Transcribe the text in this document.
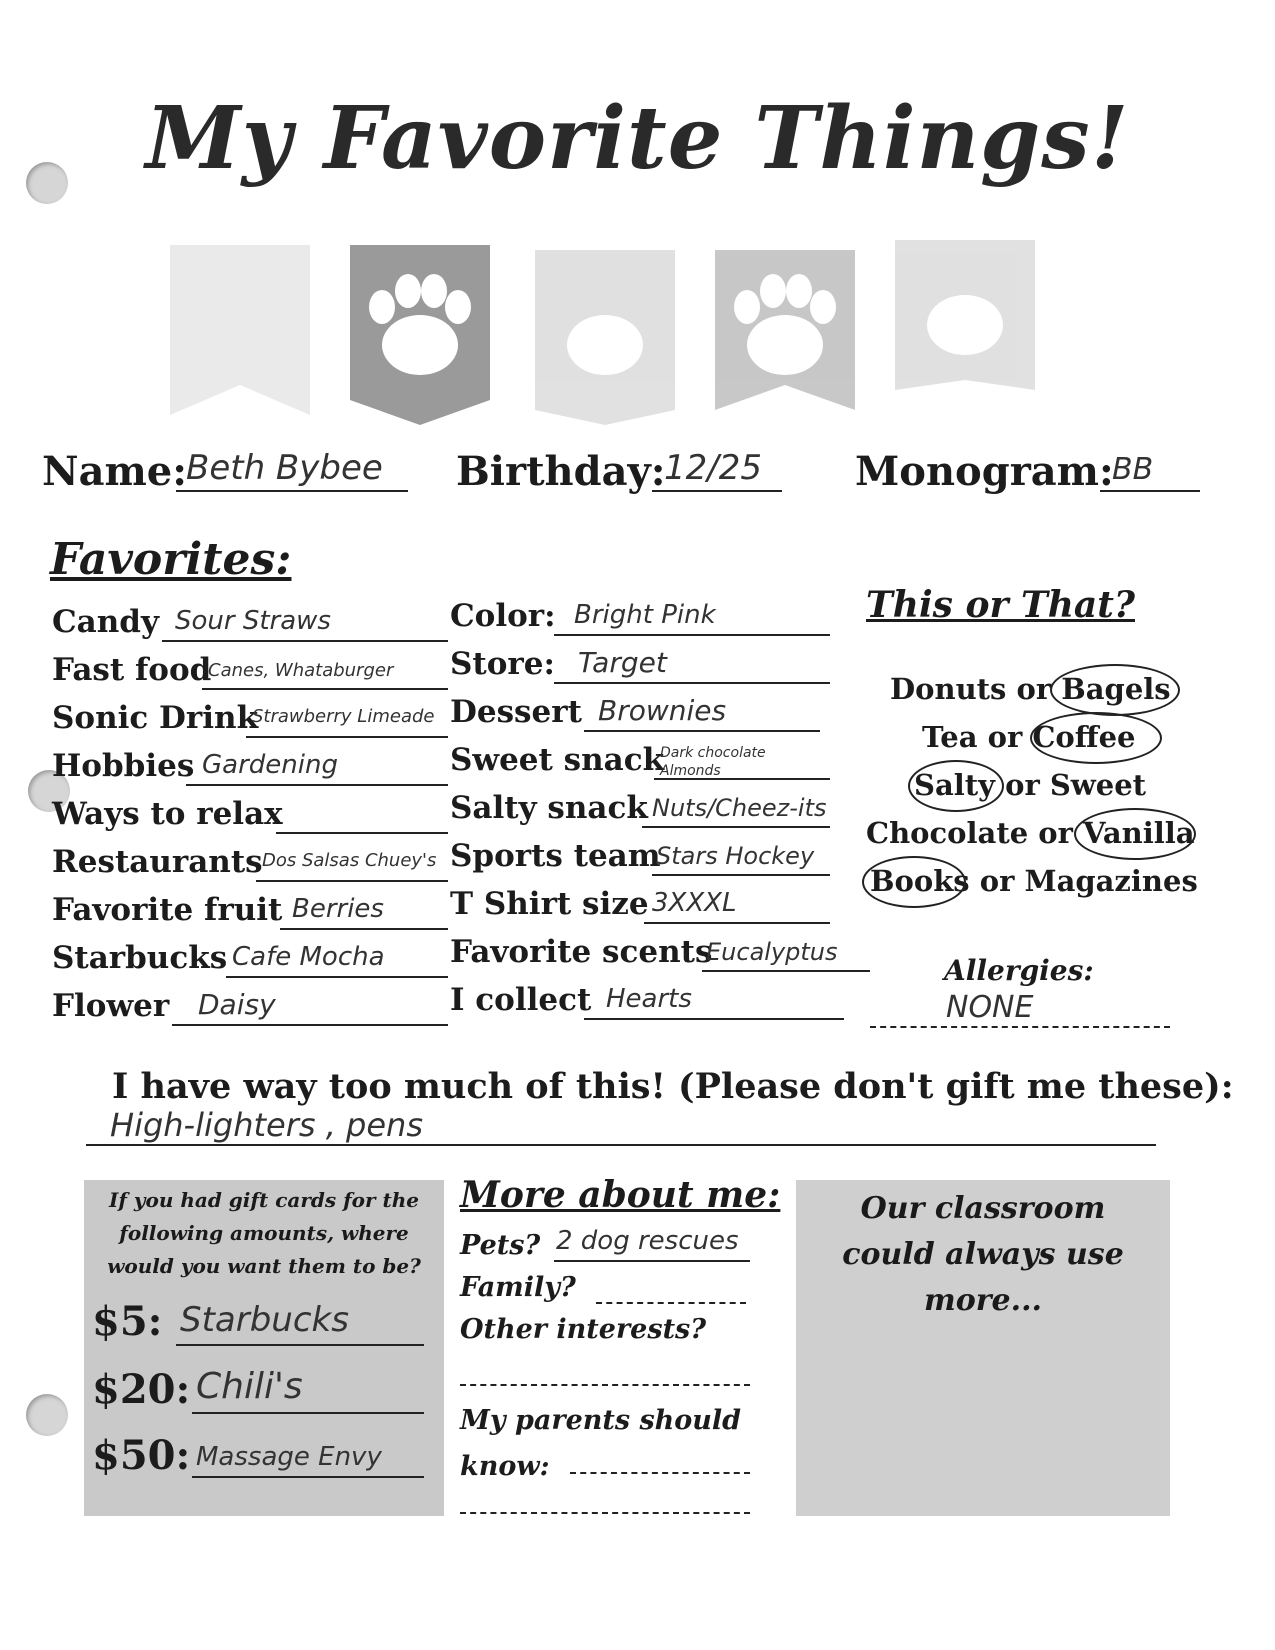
My Favorite Things!
Name:
Beth Bybee Birthday:
12/25 Monogram:
BB
Favorites:
Candy Sour Straws
Fast food
Canes, Whataburger
Sonic Drink
Strawberry Limeade
Hobbies Gardening
Ways to relax
Restaurants Dos Salsas Chuey's
Favorite fruit Berries
Starbucks Cafe Mocha
Flower Daisy
Color: Bright Pink
Store: Target
Dessert Brownies
Sweet snack
Dark chocolate Almonds
Salty snack Nuts/Cheez-its
Sports team
Stars Hockey
T Shirt size 3XXXL
Favorite scents
Eucalyptus
I collect Hearts
This or That?
Donuts or Bagels
Tea or Coffee
Salty or Sweet
Chocolate or Vanilla
Books or Magazines
Allergies:
NONE
I have way too much of this! (Please don't gift me these):
High-lighters , pens
If you had gift cards for the following amounts, where would you want them to be?
$5: Starbucks
$20: Chili's
$50: Massage Envy
More about me:
Pets? 2 dog rescues
Family?
Other interests?
My parents should know:
Our classroom could always use more...
